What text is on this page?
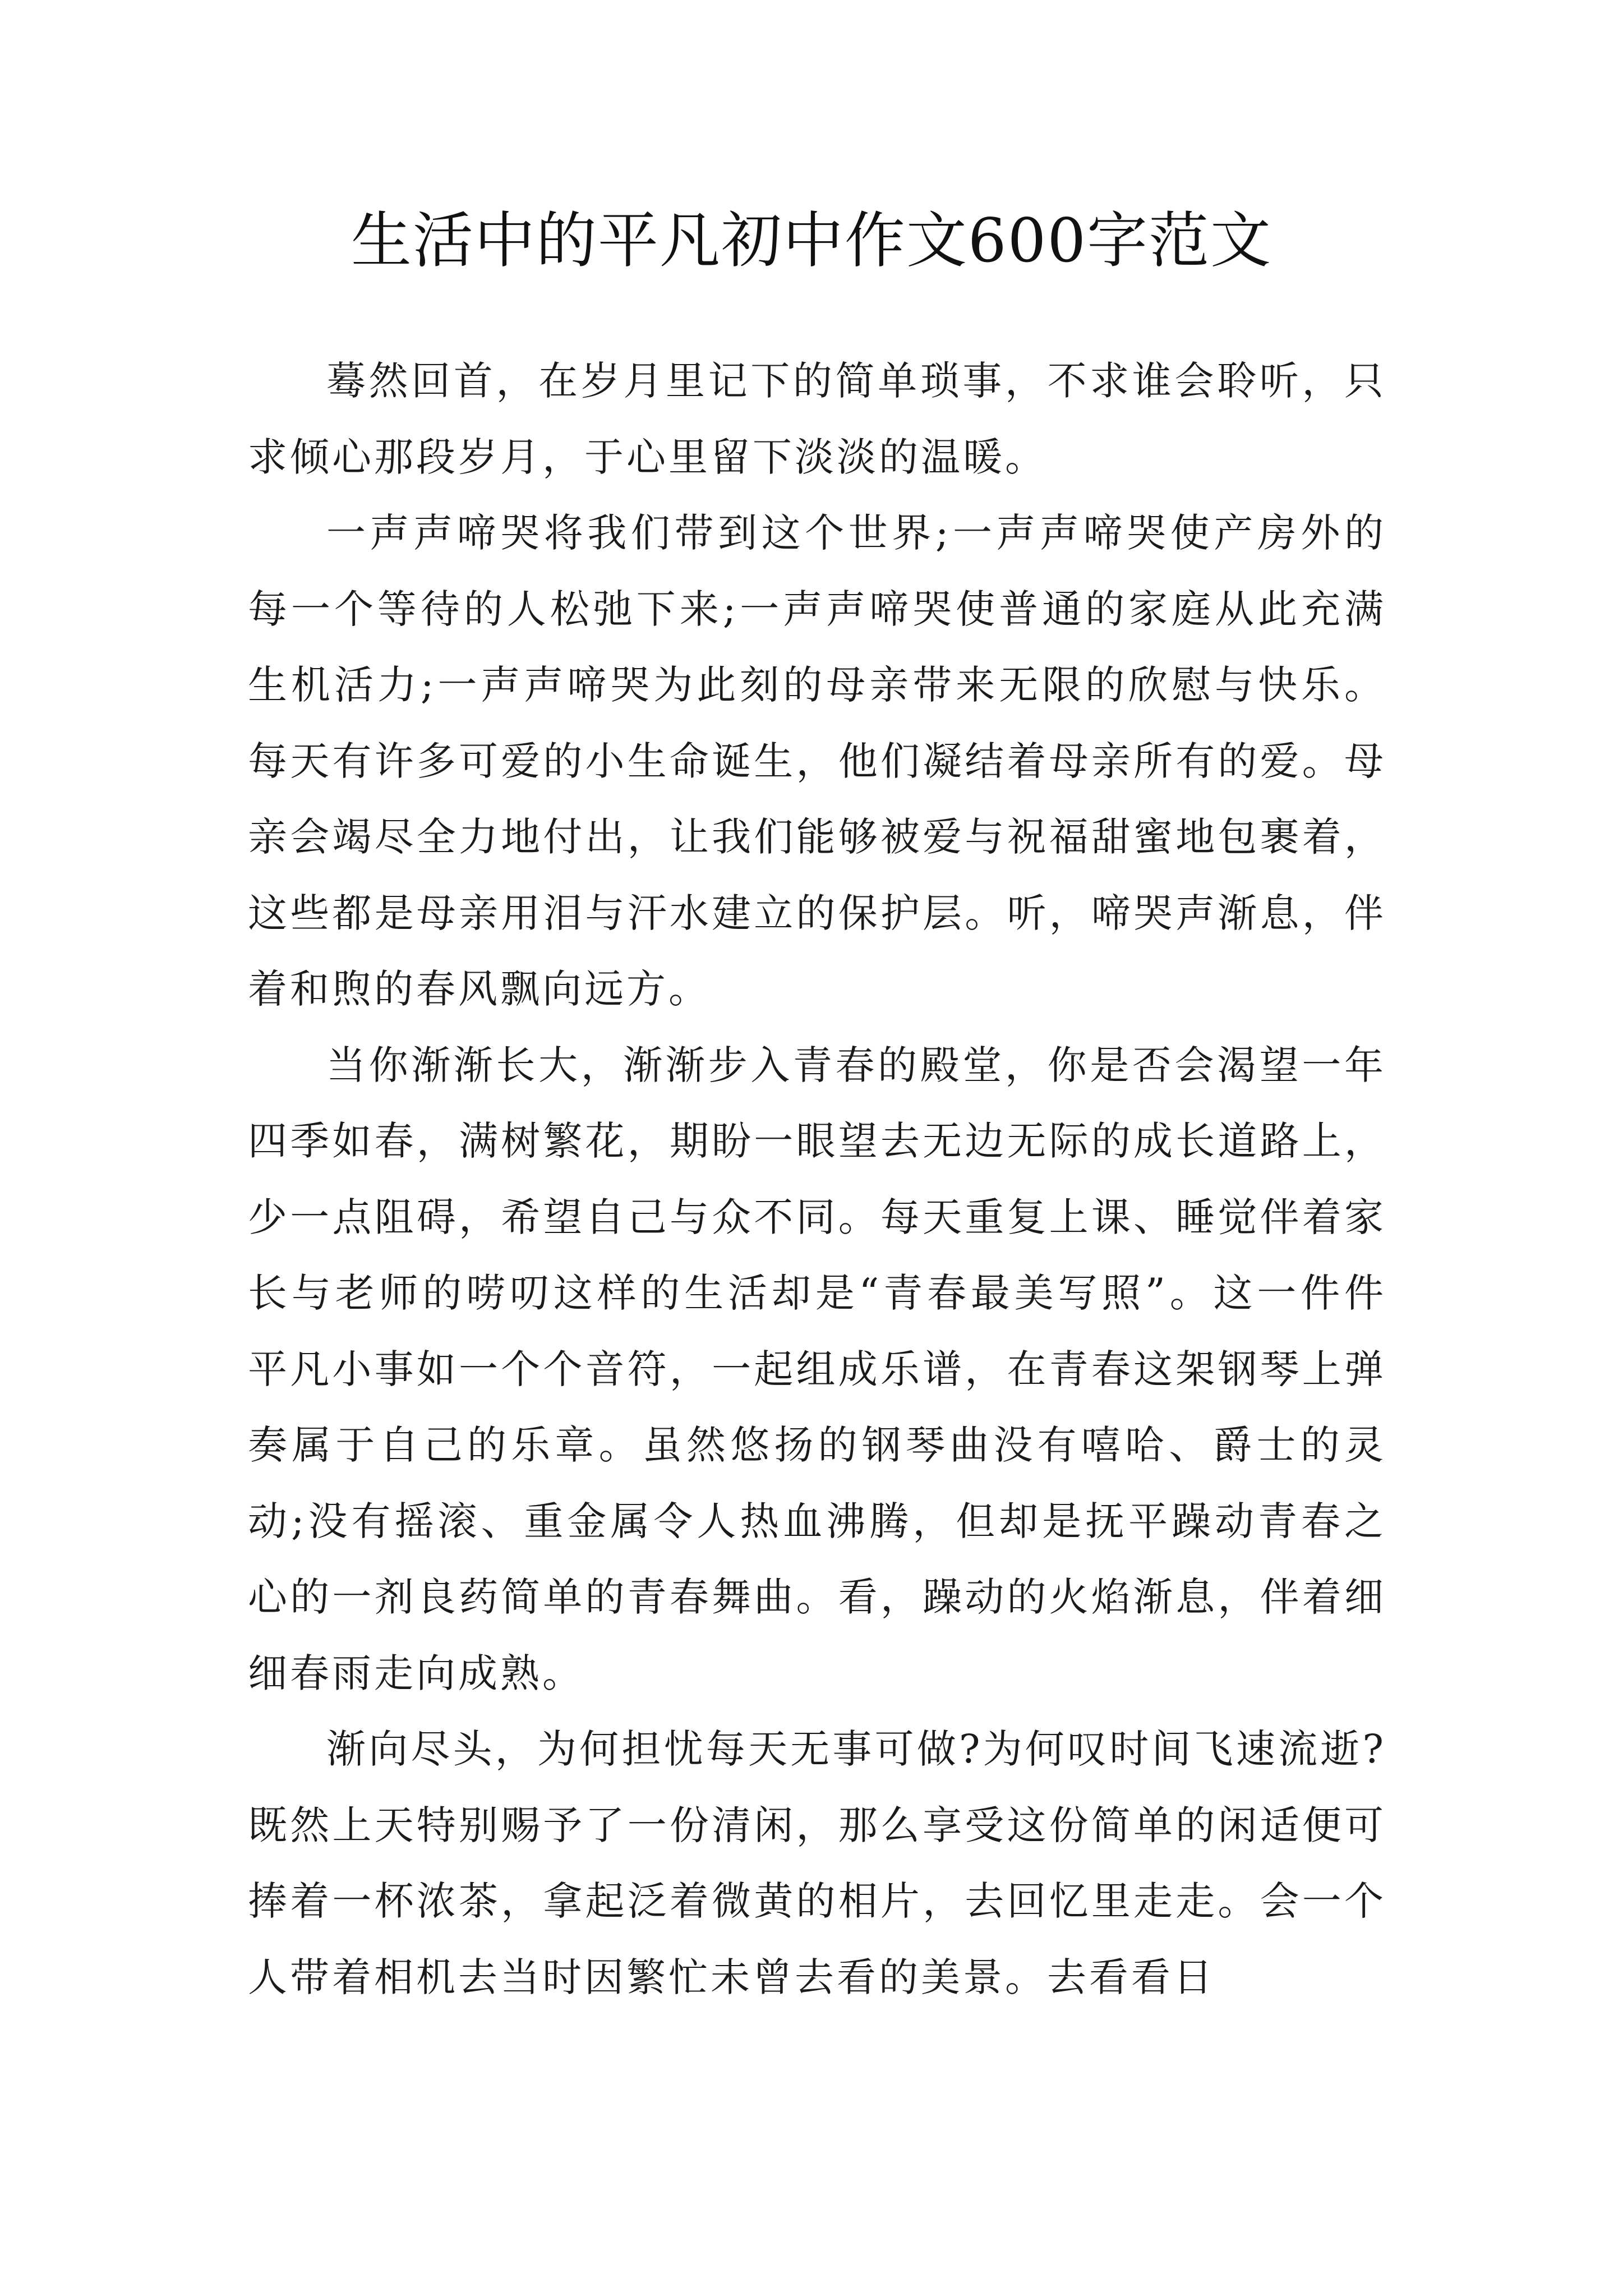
生活中的平凡初中作文600字范文

蓦然回首，在岁月里记下的简单琐事，不求谁会聆听，只求倾心那段岁月，于心里留下淡淡的温暖。

一声声啼哭将我们带到这个世界;一声声啼哭使产房外的每一个等待的人松弛下来;一声声啼哭使普通的家庭从此充满生机活力;一声声啼哭为此刻的母亲带来无限的欣慰与快乐。每天有许多可爱的小生命诞生，他们凝结着母亲所有的爱。母亲会竭尽全力地付出，让我们能够被爱与祝福甜蜜地包裹着，这些都是母亲用泪与汗水建立的保护层。听，啼哭声渐息，伴着和煦的春风飘向远方。

当你渐渐长大，渐渐步入青春的殿堂，你是否会渴望一年四季如春，满树繁花，期盼一眼望去无边无际的成长道路上，少一点阻碍，希望自己与众不同。每天重复上课、睡觉伴着家长与老师的唠叨这样的生活却是“青春最美写照”。这一件件平凡小事如一个个音符，一起组成乐谱，在青春这架钢琴上弹奏属于自己的乐章。虽然悠扬的钢琴曲没有嘻哈、爵士的灵动;没有摇滚、重金属令人热血沸腾，但却是抚平躁动青春之心的一剂良药简单的青春舞曲。看，躁动的火焰渐息，伴着细细春雨走向成熟。

渐向尽头，为何担忧每天无事可做?为何叹时间飞速流逝?既然上天特别赐予了一份清闲，那么享受这份简单的闲适便可捧着一杯浓茶，拿起泛着微黄的相片，去回忆里走走。会一个人带着相机去当时因繁忙未曾去看的美景。去看看日
